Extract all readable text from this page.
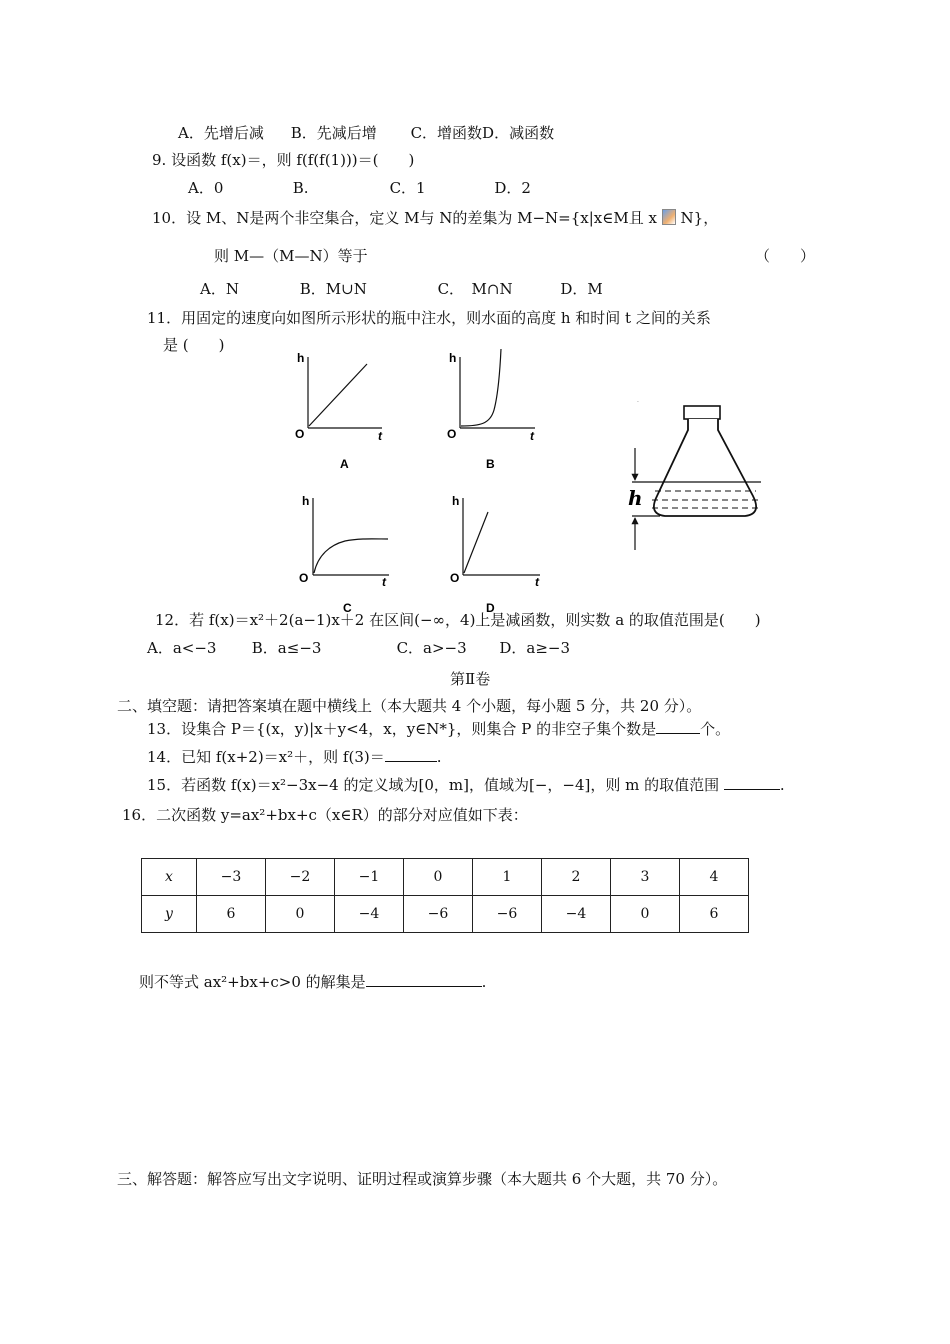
A．先增后减 B．先减后增 C．增函数D．减函数
9. 设函数 f(x)＝，则 f(f(f(1)))＝(　　)
A．0	B.	C．1	D．2
10．设 M、N是两个非空集合，定义 M与 N的差集为 M−N={x|x∈M且 x N}，
则 M—（M—N）等于	（　　）
A．N	B．M∪N	C．　M∩N	D．M
11．用固定的速度向如图所示形状的瓶中注水，则水面的高度 h 和时间 t 之间的关系
是 (　　)
h
O	t
A
h
O	t
B
h
O	t
C
h
O	t
D
h
.
12．若 f(x)＝x²＋2(a−1)x＋2 在区间(−∞，4)上是减函数，则实数 a 的取值范围是(　　)
A．a<−3 B．a≤−3	C．a>−3 D．a≥−3
第Ⅱ卷
二、填空题：请把答案填在题中横线上（本大题共 4 个小题，每小题 5 分，共 20 分）。
13．设集合 P＝{(x，y)|x＋y<4，x，y∈N*}，则集合 P 的非空子集个数是	个。
14．已知 f(x+2)＝x²＋，则 f(3)＝	.
15．若函数 f(x)＝x²−3x−4 的定义域为[0，m]，值域为[−，−4]，则 m 的取值范围	.
16．二次函数 y=ax²+bx+c（x∈R）的部分对应值如下表：
x	−3	−2	−1	0	1	2	3	4
y	6	0	−4	−6	−6	−4	0	6
则不等式 ax²+bx+c>0 的解集是	.
三、解答题：解答应写出文字说明、证明过程或演算步骤（本大题共 6 个大题，共 70 分）。
